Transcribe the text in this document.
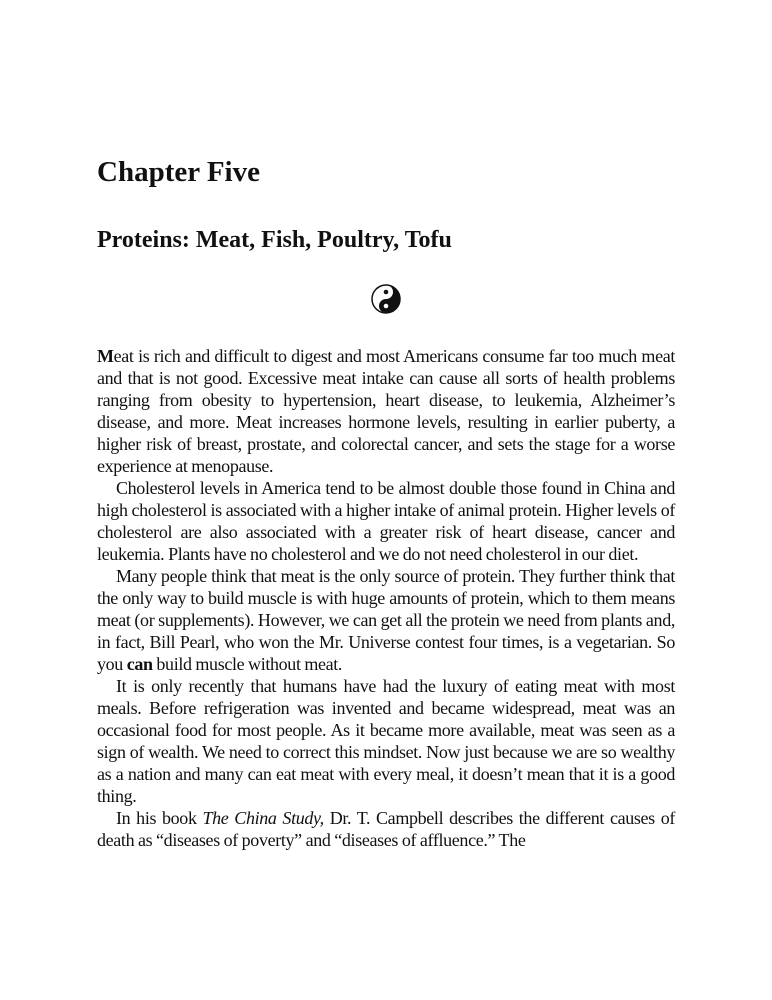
Chapter Five
Proteins: Meat, Fish, Poultry, Tofu

Meat is rich and difficult to digest and most Americans consume far too much meat and that is not good. Excessive meat intake can cause all sorts of health problems ranging from obesity to hypertension, heart disease, to leukemia, Alzheimer’s disease, and more. Meat increases hormone levels, resulting in earlier puberty, a higher risk of breast, prostate, and colorectal cancer, and sets the stage for a worse experience at menopause.

Cholesterol levels in America tend to be almost double those found in China and high cholesterol is associated with a higher intake of animal protein. Higher levels of cholesterol are also associated with a greater risk of heart disease, cancer and leukemia. Plants have no cholesterol and we do not need cholesterol in our diet.

Many people think that meat is the only source of protein. They further think that the only way to build muscle is with huge amounts of protein, which to them means meat (or supplements). However, we can get all the protein we need from plants and, in fact, Bill Pearl, who won the Mr. Universe contest four times, is a vegetarian. So you can build muscle without meat.

It is only recently that humans have had the luxury of eating meat with most meals. Before refrigeration was invented and became widespread, meat was an occasional food for most people. As it became more available, meat was seen as a sign of wealth. We need to correct this mindset. Now just because we are so wealthy as a nation and many can eat meat with every meal, it doesn’t mean that it is a good thing.

In his book The China Study, Dr. T. Campbell describes the different causes of death as “diseases of poverty” and “diseases of affluence.” The
